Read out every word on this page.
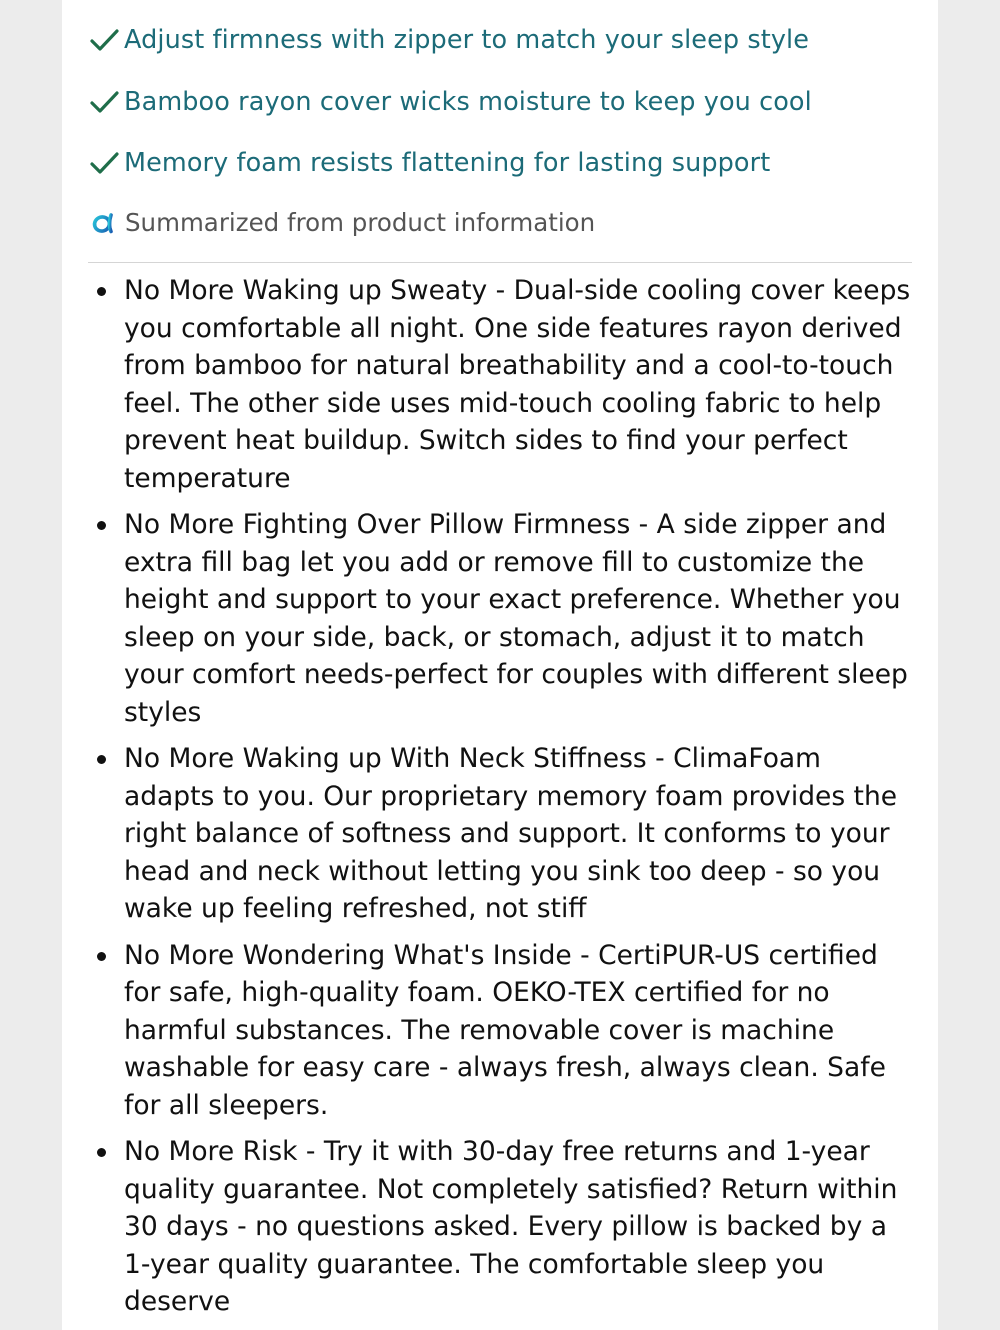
Adjust firmness with zipper to match your sleep style
Bamboo rayon cover wicks moisture to keep you cool
Memory foam resists flattening for lasting support
Summarized from product information
No More Waking up Sweaty - Dual-side cooling cover keeps you comfortable all night. One side features rayon derived from bamboo for natural breathability and a cool-to-touch feel. The other side uses mid-touch cooling fabric to help prevent heat buildup. Switch sides to find your perfect temperature
No More Fighting Over Pillow Firmness - A side zipper and extra fill bag let you add or remove fill to customize the height and support to your exact preference. Whether you sleep on your side, back, or stomach, adjust it to match your comfort needs-perfect for couples with different sleep styles
No More Waking up With Neck Stiffness - ClimaFoam adapts to you. Our proprietary memory foam provides the right balance of softness and support. It conforms to your head and neck without letting you sink too deep - so you wake up feeling refreshed, not stiff
No More Wondering What's Inside - CertiPUR-US certified for safe, high-quality foam. OEKO-TEX certified for no harmful substances. The removable cover is machine washable for easy care - always fresh, always clean. Safe for all sleepers.
No More Risk - Try it with 30-day free returns and 1-year quality guarantee. Not completely satisfied? Return within 30 days - no questions asked. Every pillow is backed by a 1-year quality guarantee. The comfortable sleep you deserve
